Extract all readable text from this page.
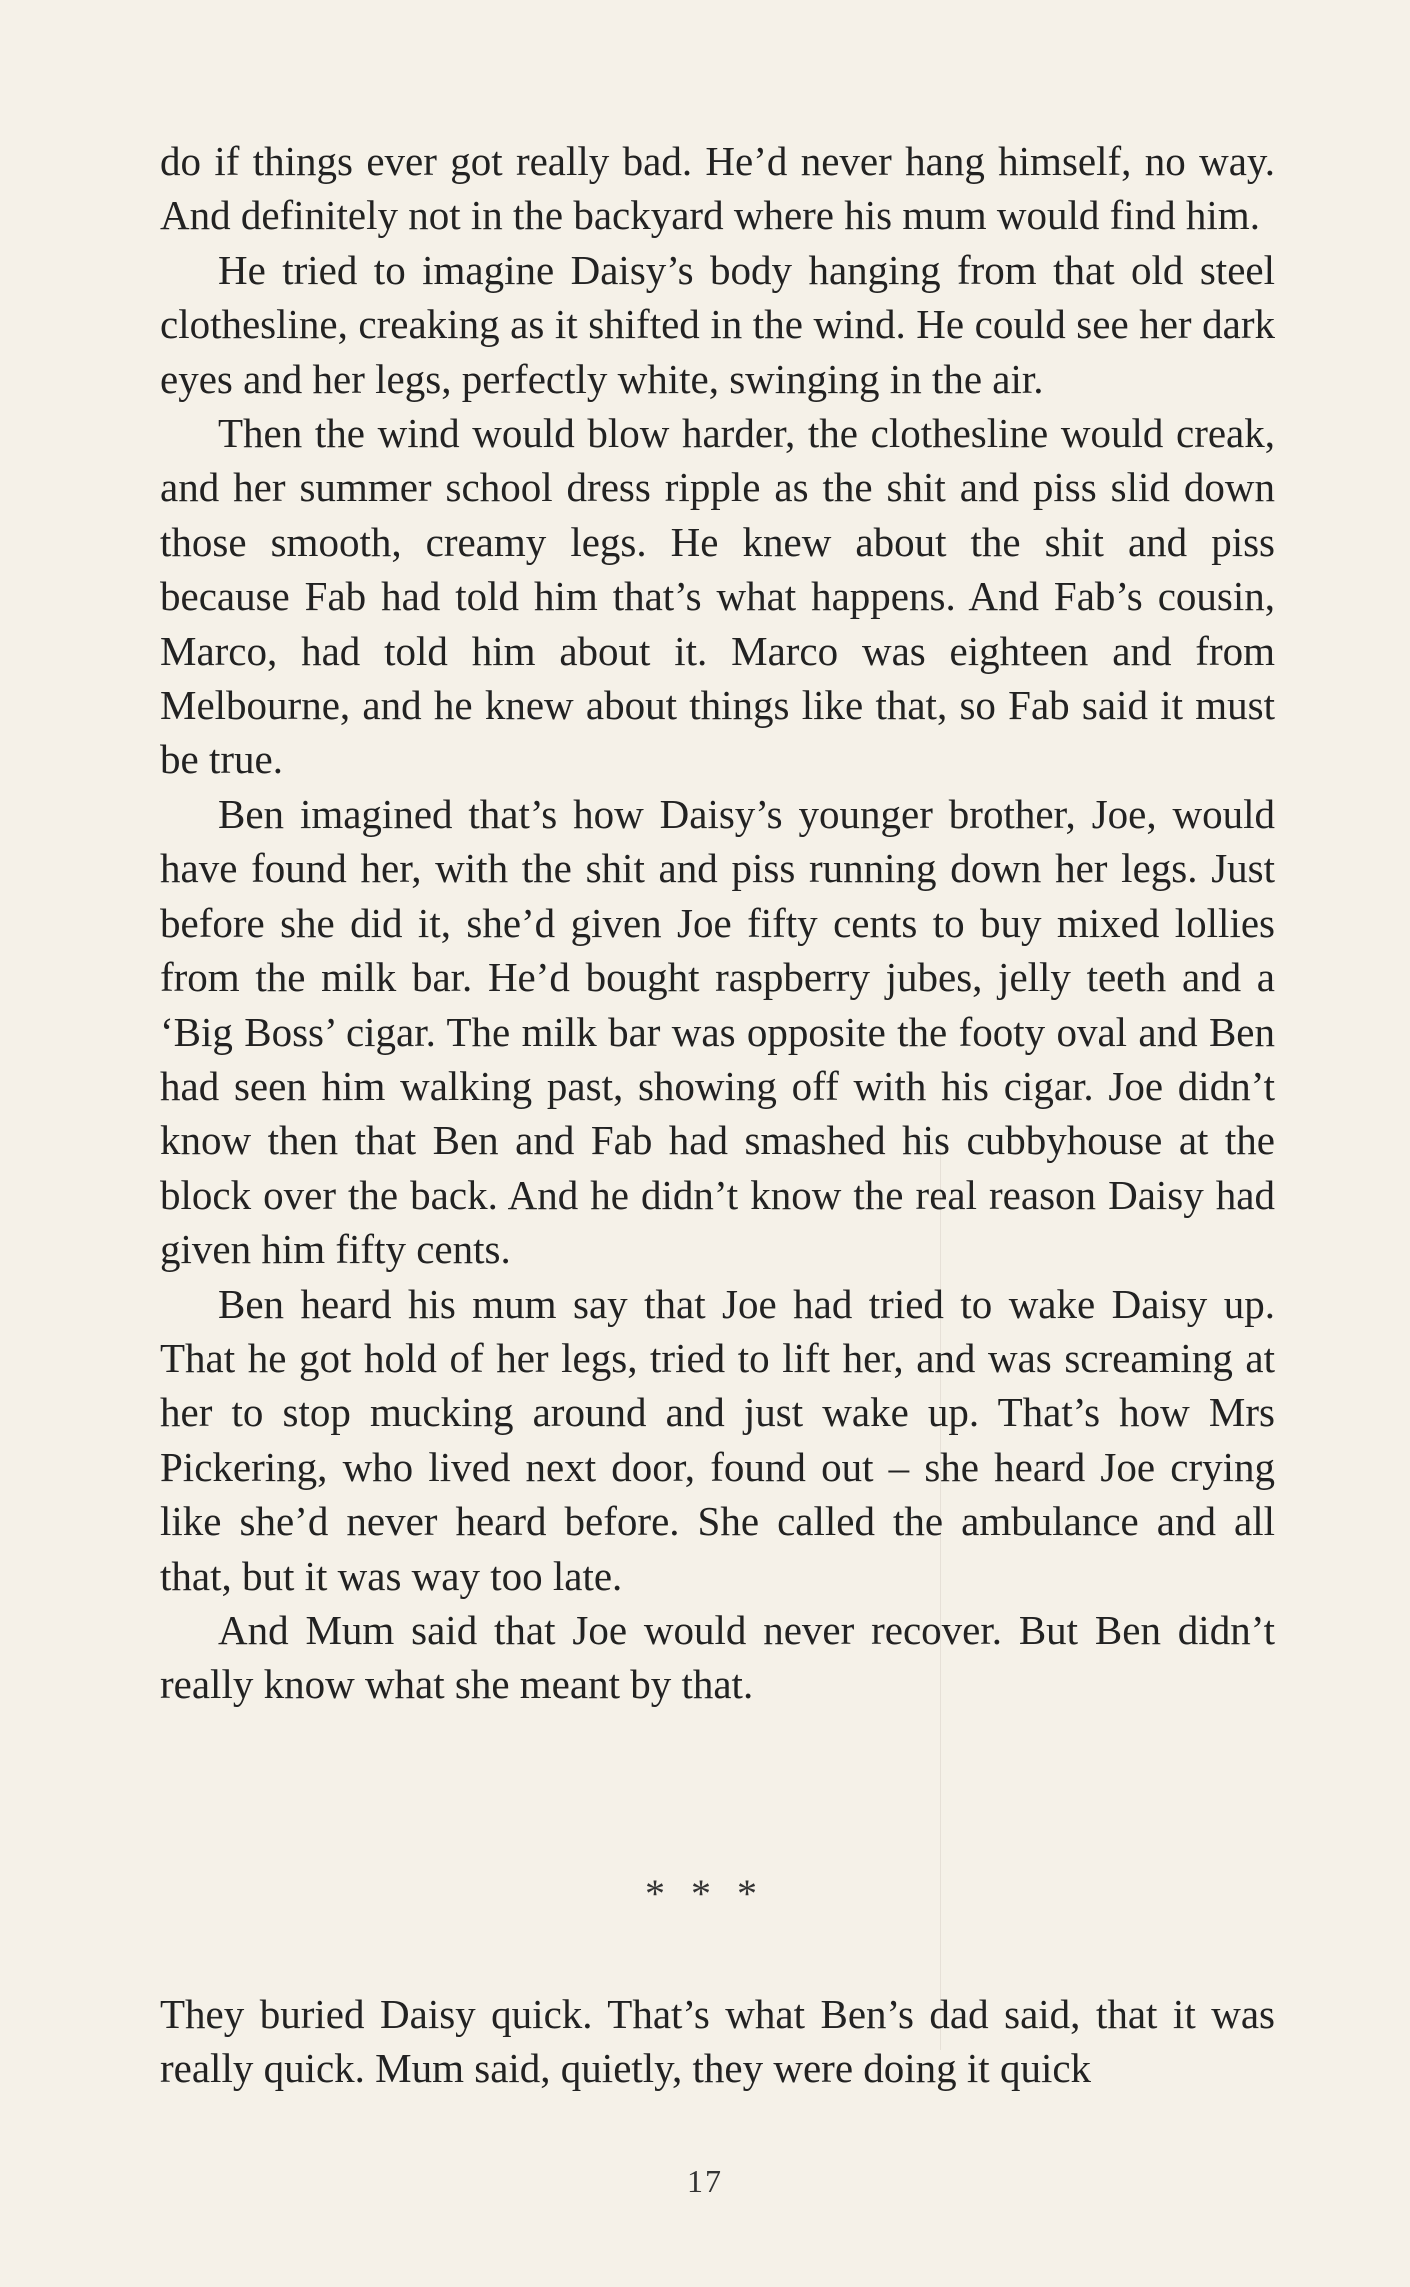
do if things ever got really bad. He’d never hang himself, no way. And definitely not in the backyard where his mum would find him.

He tried to imagine Daisy’s body hanging from that old steel clothesline, creaking as it shifted in the wind. He could see her dark eyes and her legs, perfectly white, swinging in the air.

Then the wind would blow harder, the clothesline would creak, and her summer school dress ripple as the shit and piss slid down those smooth, creamy legs. He knew about the shit and piss because Fab had told him that’s what happens. And Fab’s cousin, Marco, had told him about it. Marco was eighteen and from Melbourne, and he knew about things like that, so Fab said it must be true.

Ben imagined that’s how Daisy’s younger brother, Joe, would have found her, with the shit and piss running down her legs. Just before she did it, she’d given Joe fifty cents to buy mixed lollies from the milk bar. He’d bought raspberry jubes, jelly teeth and a ‘Big Boss’ cigar. The milk bar was opposite the footy oval and Ben had seen him walking past, showing off with his cigar. Joe didn’t know then that Ben and Fab had smashed his cubbyhouse at the block over the back. And he didn’t know the real reason Daisy had given him fifty cents.

Ben heard his mum say that Joe had tried to wake Daisy up. That he got hold of her legs, tried to lift her, and was screaming at her to stop mucking around and just wake up. That’s how Mrs Pickering, who lived next door, found out – she heard Joe crying like she’d never heard before. She called the ambulance and all that, but it was way too late.

And Mum said that Joe would never recover. But Ben didn’t really know what she meant by that.

* * *

They buried Daisy quick. That’s what Ben’s dad said, that it was really quick. Mum said, quietly, they were doing it quick

17
